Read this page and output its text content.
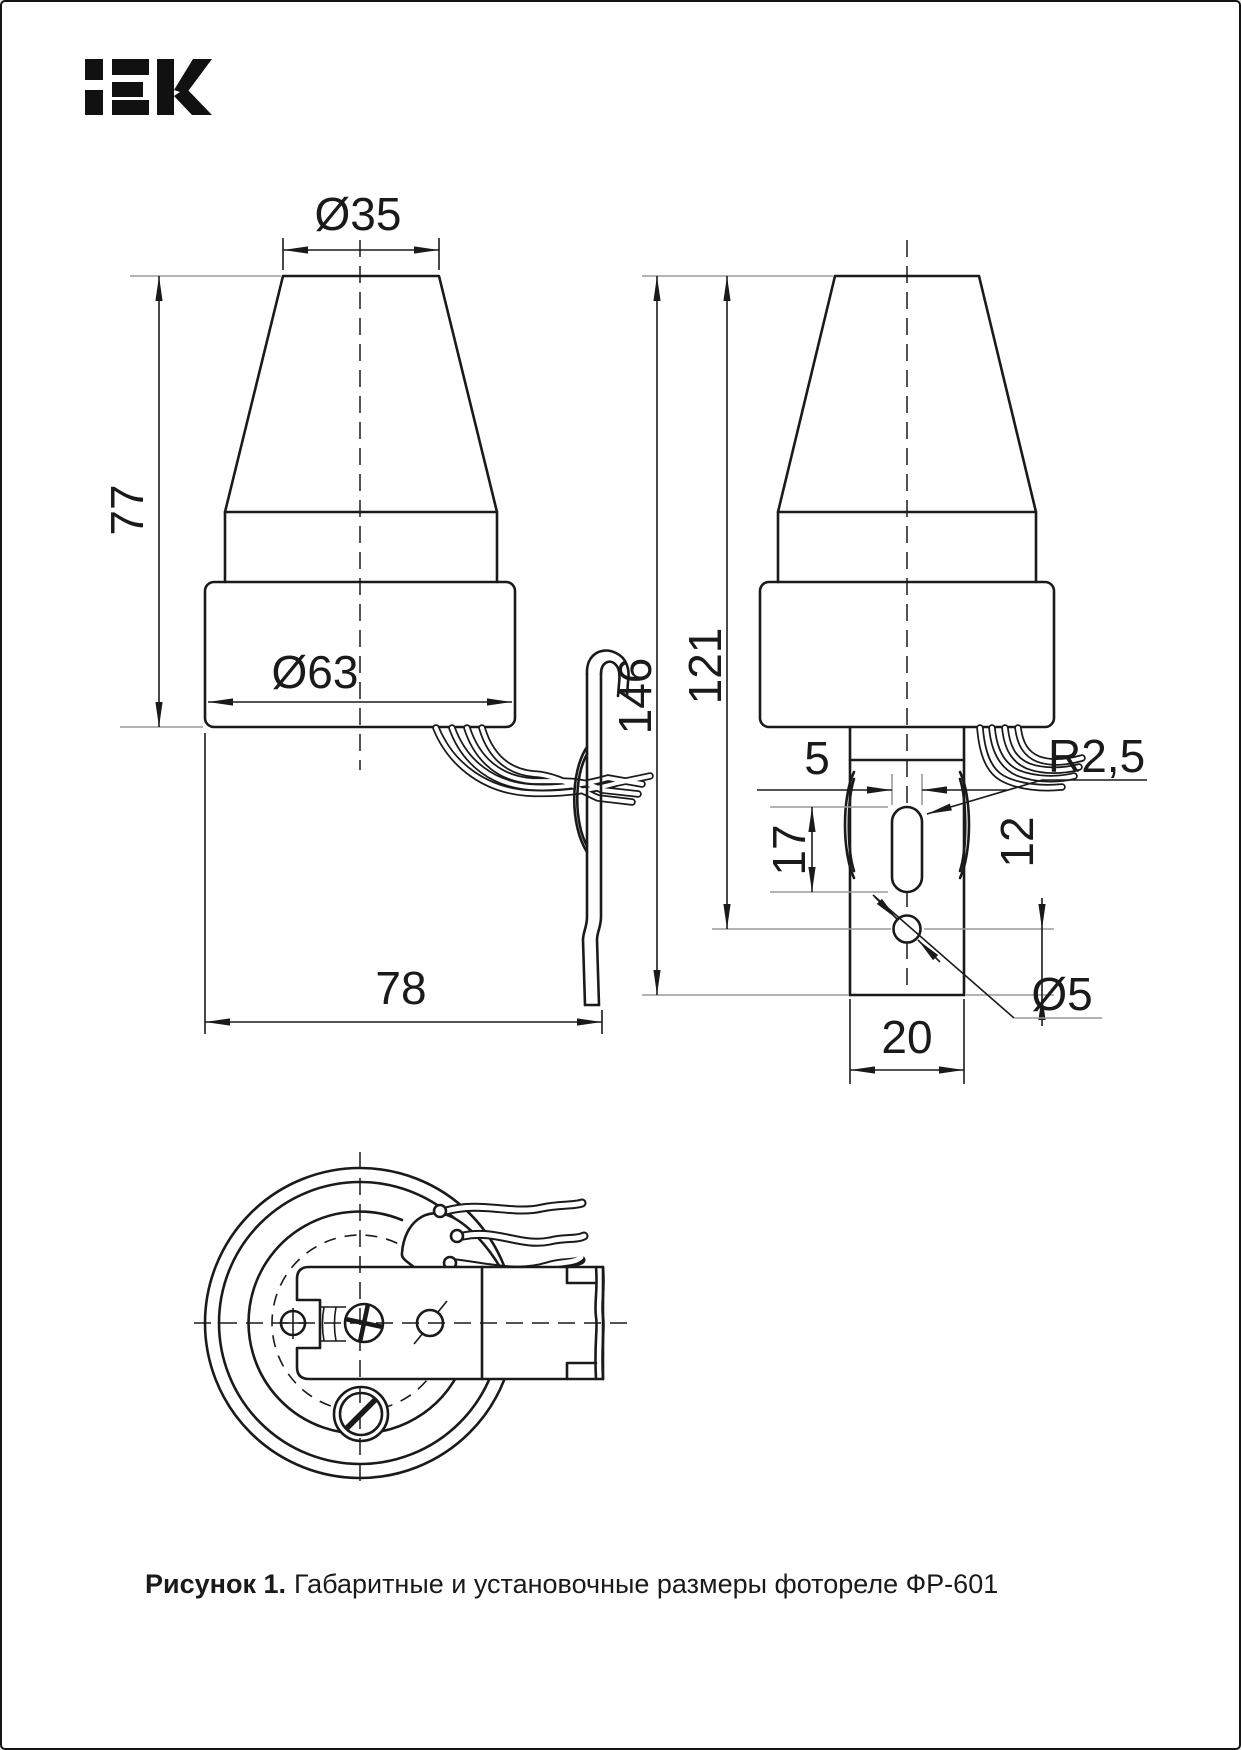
Ø35
77
Ø63
78
146 121
5	R2,5
17	12
Ø5
20
Рисунок 1. Габаритные и установочные размеры фотореле ФР-601
